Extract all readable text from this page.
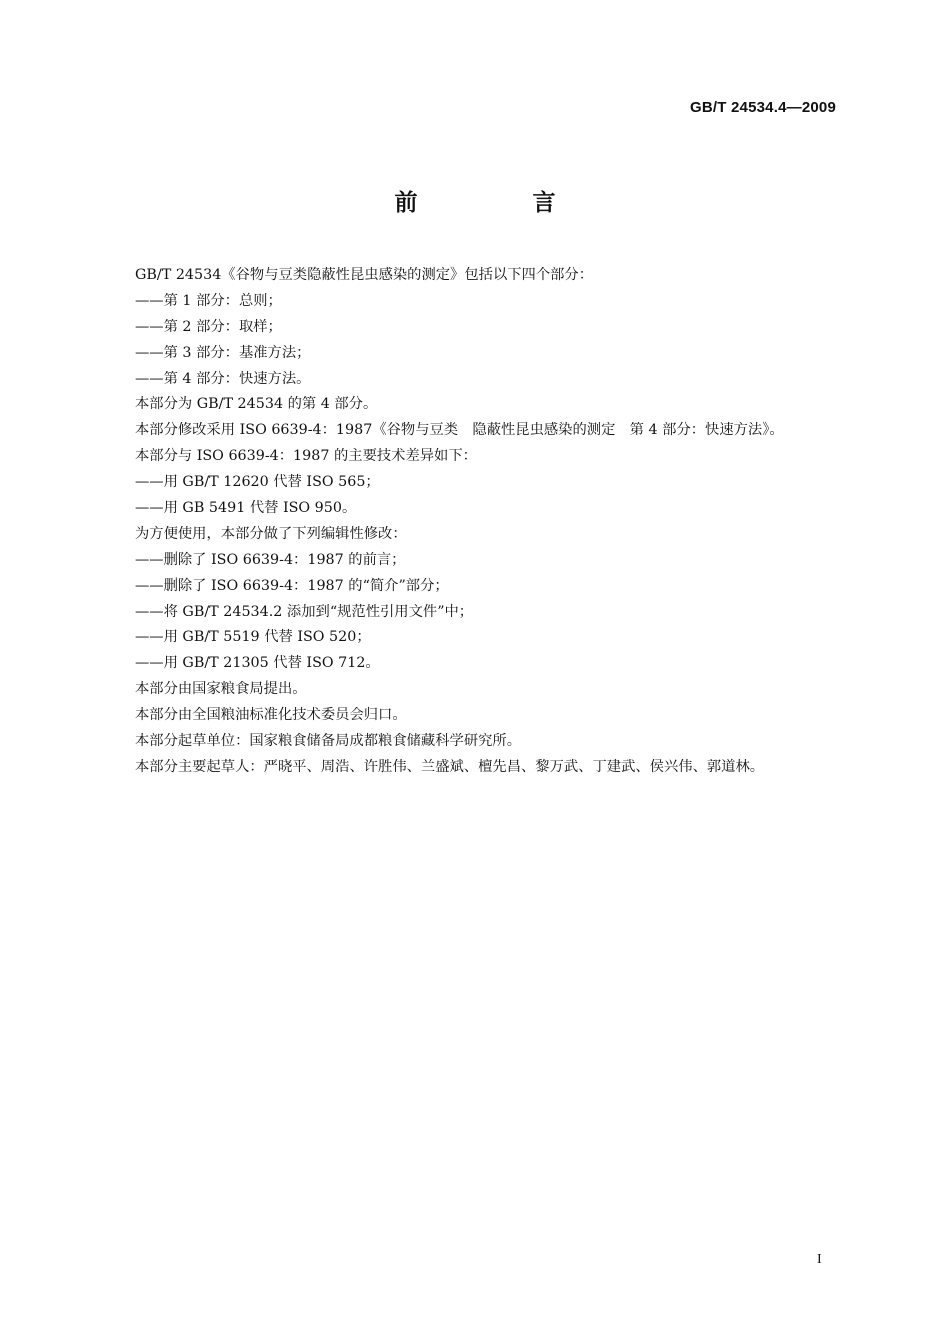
GB/T 24534.4—2009
前　言
GB/T 24534《谷物与豆类隐蔽性昆虫感染的测定》包括以下四个部分：
——第 1 部分：总则；
——第 2 部分：取样；
——第 3 部分：基准方法；
——第 4 部分：快速方法。
本部分为 GB/T 24534 的第 4 部分。
本部分修改采用 ISO 6639-4：1987《谷物与豆类　隐蔽性昆虫感染的测定　第 4 部分：快速方法》。
本部分与 ISO 6639-4：1987 的主要技术差异如下：
——用 GB/T 12620 代替 ISO 565；
——用 GB 5491 代替 ISO 950。
为方便使用，本部分做了下列编辑性修改：
——删除了 ISO 6639-4：1987 的前言；
——删除了 ISO 6639-4：1987 的“简介”部分；
——将 GB/T 24534.2 添加到“规范性引用文件”中；
——用 GB/T 5519 代替 ISO 520；
——用 GB/T 21305 代替 ISO 712。
本部分由国家粮食局提出。
本部分由全国粮油标准化技术委员会归口。
本部分起草单位：国家粮食储备局成都粮食储藏科学研究所。
本部分主要起草人：严晓平、周浩、许胜伟、兰盛斌、檀先昌、黎万武、丁建武、侯兴伟、郭道林。
I
